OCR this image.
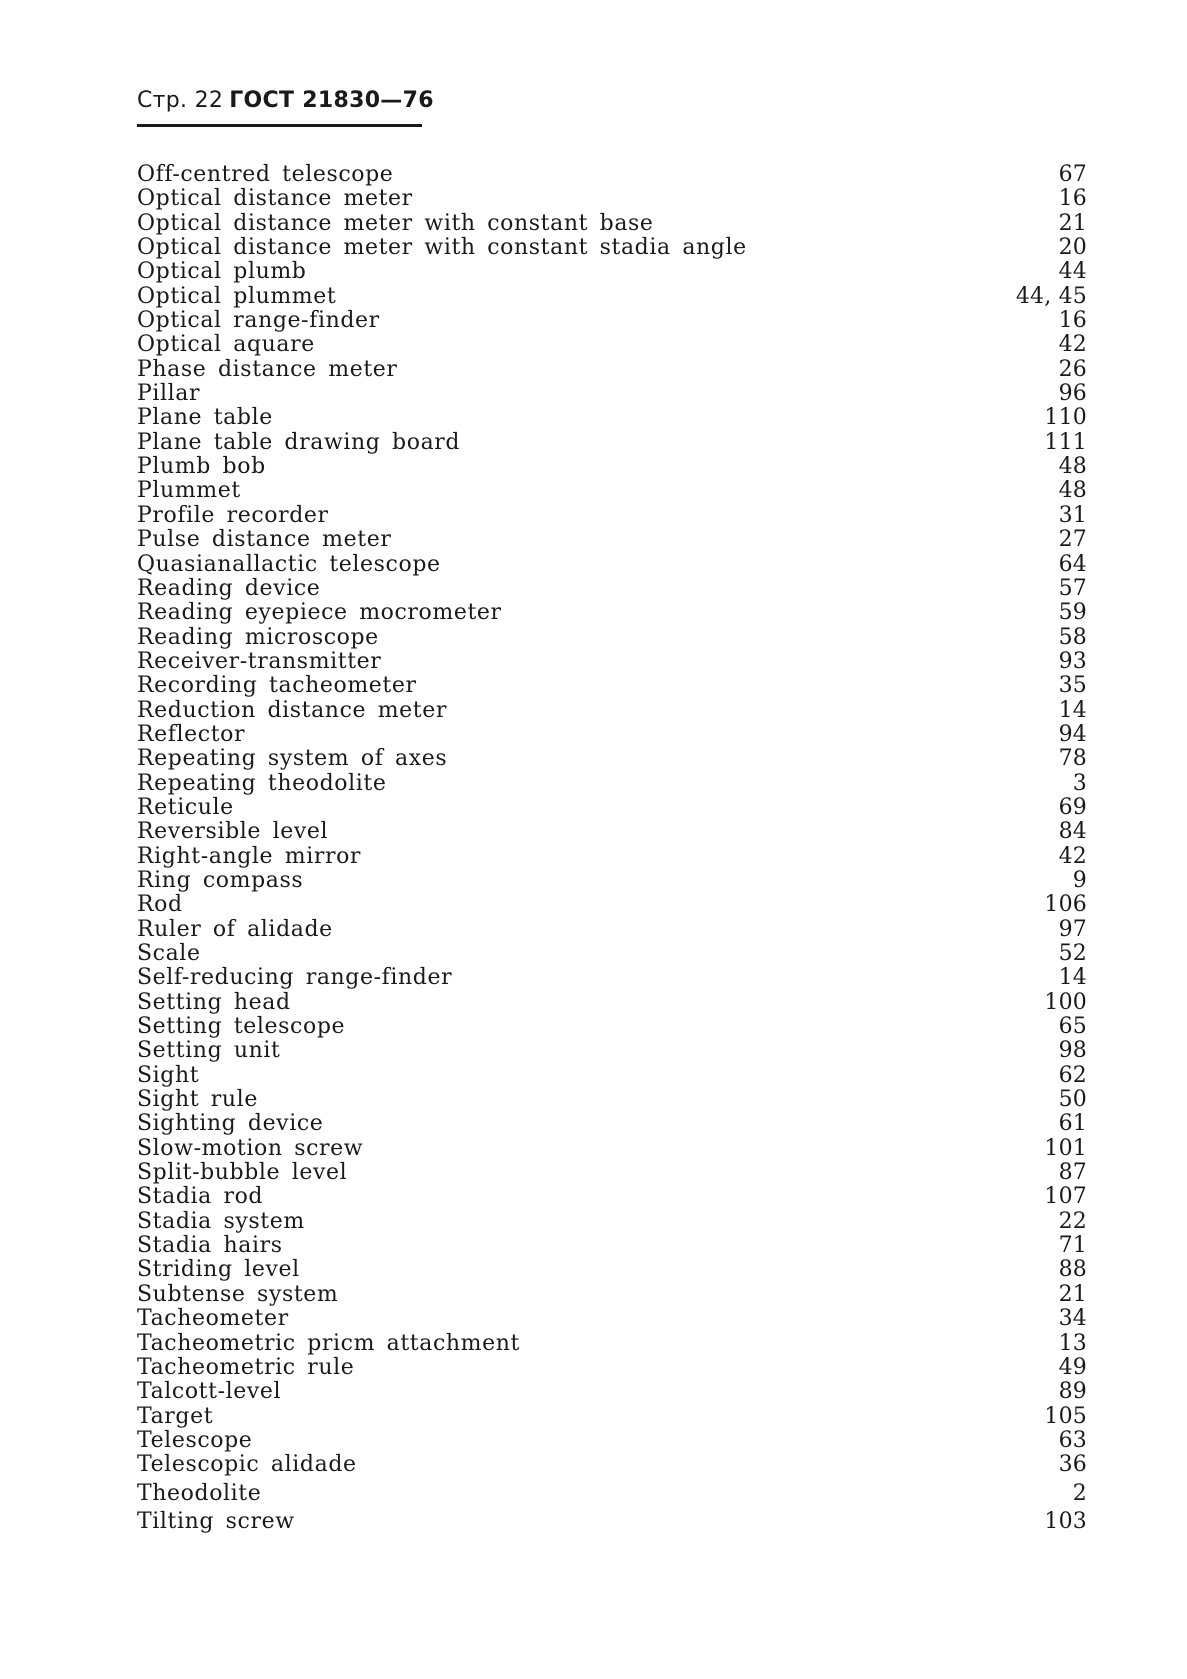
Стр. 22 ГОСТ 21830—76
Off-centred telescope	67
Optical distance meter	16
Optical distance meter with constant base	21
Optical distance meter with constant stadia angle	20
Optical plumb	44
Optical plummet	44, 45
Optical range-finder	16
Optical aquare	42
Phase distance meter	26
Pillar	96
Plane table	110
Plane table drawing board	111
Plumb bob	48
Plummet	48
Profile recorder	31
Pulse distance meter	27
Quasianallactic telescope	64
Reading device	57
Reading eyepiece mocrometer	59
Reading microscope	58
Receiver-transmitter	93
Recording tacheometer	35
Reduction distance meter	14
Reflector	94
Repeating system of axes	78
Repeating theodolite	3
Reticule	69
Reversible level	84
Right-angle mirror	42
Ring compass	9
Rod	106
Ruler of alidade	97
Scale	52
Self-reducing range-finder	14
Setting head	100
Setting telescope	65
Setting unit	98
Sight	62
Sight rule	50
Sighting device	61
Slow-motion screw	101
Split-bubble level	87
Stadia rod	107
Stadia system	22
Stadia hairs	71
Striding level	88
Subtense system	21
Tacheometer	34
Tacheometric pricm attachment	13
Tacheometric rule	49
Talcott-level	89
Target	105
Telescope	63
Telescopic alidade	36
Theodolite	2
Tilting screw	103
